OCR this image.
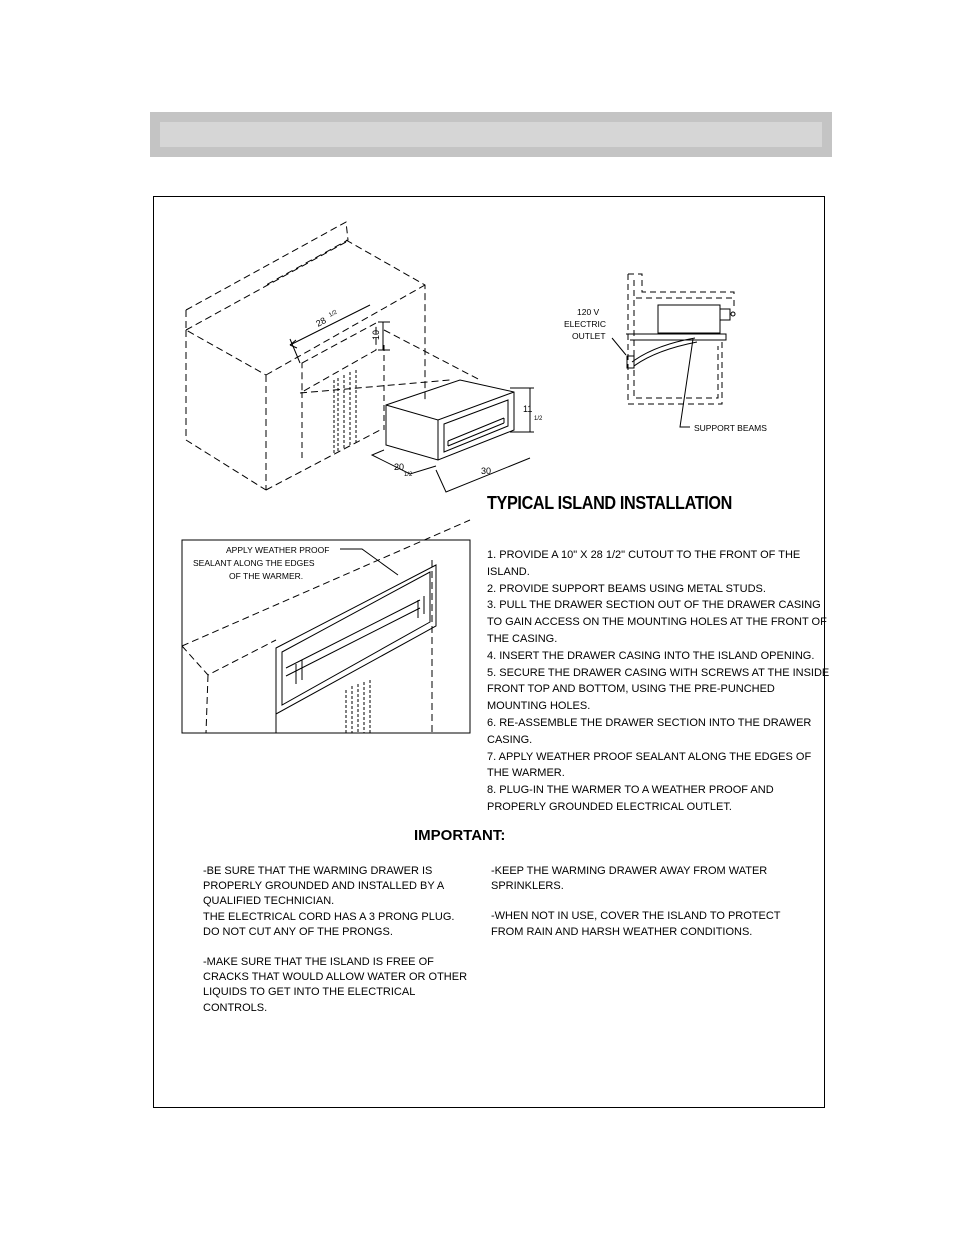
28
1/2
10
11
1/2
20
1/2	30
120 V
ELECTRIC
OUTLET
SUPPORT BEAMS
APPLY WEATHER PROOF
SEALANT ALONG THE EDGES
OF THE WARMER.
TYPICAL ISLAND INSTALLATION
1. PROVIDE A 10" X 28 1/2" CUTOUT TO THE FRONT OF THE
ISLAND.
2. PROVIDE SUPPORT BEAMS USING METAL STUDS.
3. PULL THE DRAWER SECTION OUT OF THE DRAWER CASING
TO GAIN ACCESS ON THE MOUNTING HOLES AT THE FRONT OF
THE CASING.
4. INSERT THE DRAWER CASING INTO THE ISLAND OPENING.
5. SECURE THE DRAWER CASING WITH SCREWS AT THE INSIDE
FRONT TOP AND BOTTOM, USING THE PRE-PUNCHED
MOUNTING HOLES.
6. RE-ASSEMBLE THE DRAWER SECTION INTO THE DRAWER
CASING.
7. APPLY WEATHER PROOF SEALANT ALONG THE EDGES OF
THE WARMER.
8. PLUG-IN THE WARMER TO A WEATHER PROOF AND
PROPERLY GROUNDED ELECTRICAL OUTLET.
IMPORTANT:
-BE SURE THAT THE WARMING DRAWER IS
PROPERLY GROUNDED AND INSTALLED BY A
QUALIFIED TECHNICIAN.
THE ELECTRICAL CORD HAS A 3 PRONG PLUG.
DO NOT CUT ANY OF THE PRONGS.
-MAKE SURE THAT THE ISLAND IS FREE OF
CRACKS THAT WOULD ALLOW WATER OR OTHER
LIQUIDS TO GET INTO THE ELECTRICAL
CONTROLS.
-KEEP THE WARMING DRAWER AWAY FROM WATER
SPRINKLERS.
-WHEN NOT IN USE, COVER THE ISLAND TO PROTECT
FROM RAIN AND HARSH WEATHER CONDITIONS.
